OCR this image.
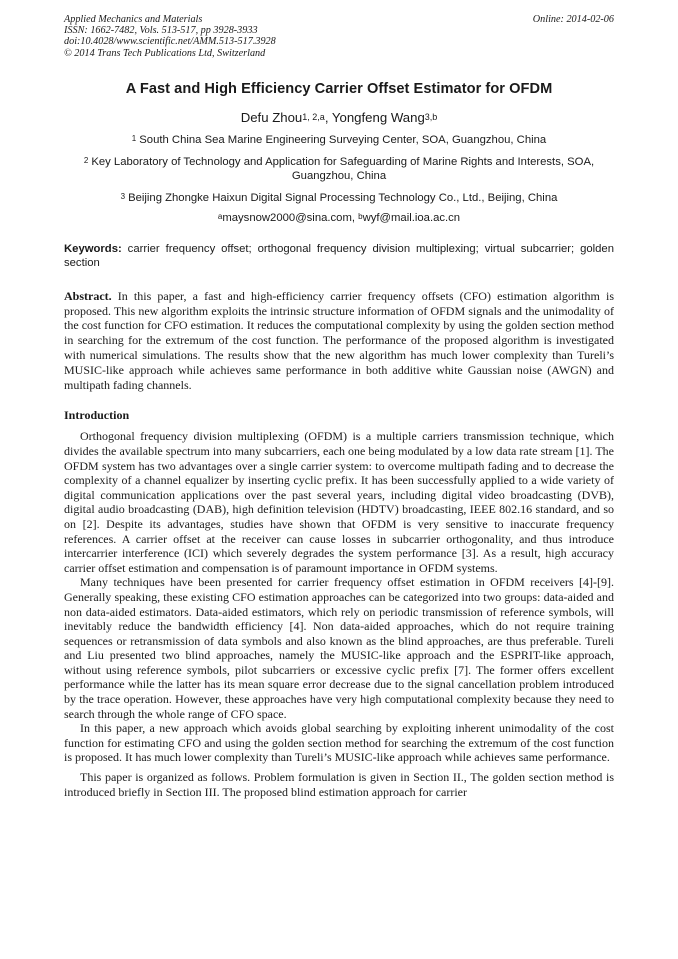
Applied Mechanics and Materials
ISSN: 1662-7482, Vols. 513-517, pp 3928-3933
doi:10.4028/www.scientific.net/AMM.513-517.3928
© 2014 Trans Tech Publications Ltd, Switzerland
Online: 2014-02-06
A Fast and High Efficiency Carrier Offset Estimator for OFDM
Defu Zhou$^{1, 2,a}$, Yongfeng Wang$^{3,b}$
$^1$ South China Sea Marine Engineering Surveying Center, SOA, Guangzhou, China
$^2$ Key Laboratory of Technology and Application for Safeguarding of Marine Rights and Interests, SOA, Guangzhou, China
$^3$ Beijing Zhongke Haixun Digital Signal Processing Technology Co., Ltd., Beijing, China
$^a$maysnow2000@sina.com, $^b$wyf@mail.ioa.ac.cn
Keywords: carrier frequency offset; orthogonal frequency division multiplexing; virtual subcarrier; golden section
Abstract. In this paper, a fast and high-efficiency carrier frequency offsets (CFO) estimation algorithm is proposed. This new algorithm exploits the intrinsic structure information of OFDM signals and the unimodality of the cost function for CFO estimation. It reduces the computational complexity by using the golden section method in searching for the extremum of the cost function. The performance of the proposed algorithm is investigated with numerical simulations. The results show that the new algorithm has much lower complexity than Tureli’s MUSIC-like approach while achieves same performance in both additive white Gaussian noise (AWGN) and multipath fading channels.
Introduction

Orthogonal frequency division multiplexing (OFDM) is a multiple carriers transmission technique, which divides the available spectrum into many subcarriers, each one being modulated by a low data rate stream [1]. The OFDM system has two advantages over a single carrier system: to overcome multipath fading and to decrease the complexity of a channel equalizer by inserting cyclic prefix. It has been successfully applied to a wide variety of digital communication applications over the past several years, including digital video broadcasting (DVB), digital audio broadcasting (DAB), high definition television (HDTV) broadcasting, IEEE 802.16 standard, and so on [2]. Despite its advantages, studies have shown that OFDM is very sensitive to inaccurate frequency references. A carrier offset at the receiver can cause losses in subcarrier orthogonality, and thus introduce intercarrier interference (ICI) which severely degrades the system performance [3]. As a result, high accuracy carrier offset estimation and compensation is of paramount importance in OFDM systems.

Many techniques have been presented for carrier frequency offset estimation in OFDM receivers [4]-[9]. Generally speaking, these existing CFO estimation approaches can be categorized into two groups: data-aided and non data-aided estimators. Data-aided estimators, which rely on periodic transmission of reference symbols, will inevitably reduce the bandwidth efficiency [4]. Non data-aided approaches, which do not require training sequences or retransmission of data symbols and also known as the blind approaches, are thus preferable. Tureli and Liu presented two blind approaches, namely the MUSIC-like approach and the ESPRIT-like approach, without using reference symbols, pilot subcarriers or excessive cyclic prefix [7]. The former offers excellent performance while the latter has its mean square error decrease due to the signal cancellation problem introduced by the trace operation. However, these approaches have very high computational complexity because they need to search through the whole range of CFO space.

In this paper, a new approach which avoids global searching by exploiting inherent unimodality of the cost function for estimating CFO and using the golden section method for searching the extremum of the cost function is proposed. It has much lower complexity than Tureli’s MUSIC-like approach while achieves same performance.

This paper is organized as follows. Problem formulation is given in Section II., The golden section method is introduced briefly in Section III. The proposed blind estimation approach for carrier
